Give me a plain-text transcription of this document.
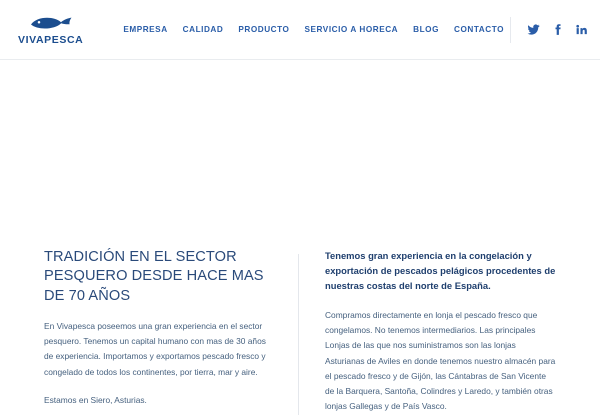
VIVAPESCA
EMPRESA CALIDAD PRODUCTO SERVICIO A HORECA BLOG CONTACTO
TRADICIÓN EN EL SECTOR PESQUERO DESDE HACE MAS DE 70 AÑOS

En Vivapesca poseemos una gran experiencia en el sector pesquero. Tenemos un capital humano con mas de 30 años de experiencia. Importamos y exportamos pescado fresco y congelado de todos los continentes, por tierra, mar y aire.

Estamos en Siero, Asturias.

Tenemos gran experiencia en la congelación y exportación de pescados pelágicos procedentes de nuestras costas del norte de España.

Compramos directamente en lonja el pescado fresco que congelamos. No tenemos intermediarios. Las principales Lonjas de las que nos suministramos son las lonjas Asturianas de Aviles en donde tenemos nuestro almacén para el pescado fresco y de Gijón, las Cántabras de San Vicente de la Barquera, Santoña, Colindres y Laredo, y también otras lonjas Gallegas y de País Vasco.
